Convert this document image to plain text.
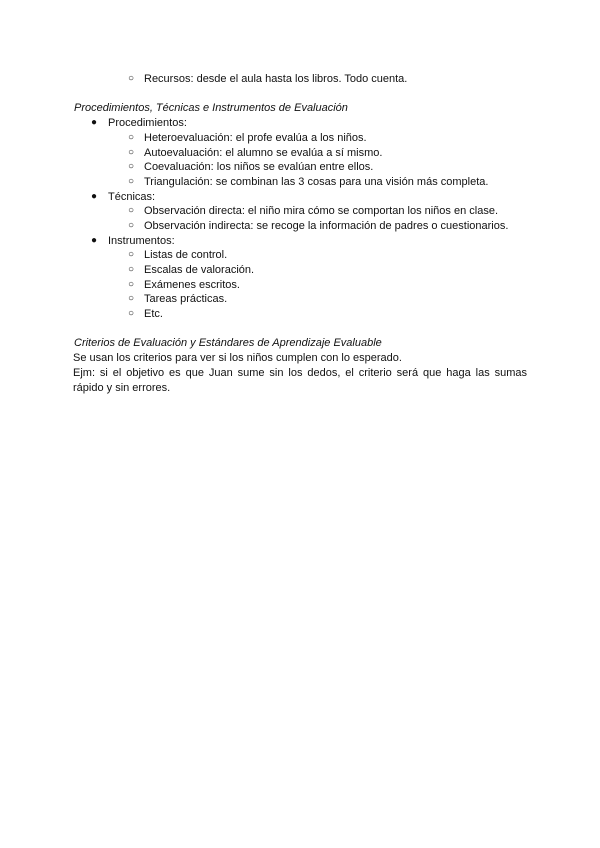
○ Recursos: desde el aula hasta los libros. Todo cuenta.
Procedimientos, Técnicas e Instrumentos de Evaluación
● Procedimientos:
○ Heteroevaluación: el profe evalúa a los niños.
○ Autoevaluación: el alumno se evalúa a sí mismo.
○ Coevaluación: los niños se evalúan entre ellos.
○ Triangulación: se combinan las 3 cosas para una visión más completa.
● Técnicas:
○ Observación directa: el niño mira cómo se comportan los niños en clase.
○ Observación indirecta: se recoge la información de padres o cuestionarios.
● Instrumentos:
○ Listas de control.
○ Escalas de valoración.
○ Exámenes escritos.
○ Tareas prácticas.
○ Etc.
Criterios de Evaluación y Estándares de Aprendizaje Evaluable
Se usan los criterios para ver si los niños cumplen con lo esperado.
Ejm: si el objetivo es que Juan sume sin los dedos, el criterio será que haga las sumas
rápido y sin errores.
